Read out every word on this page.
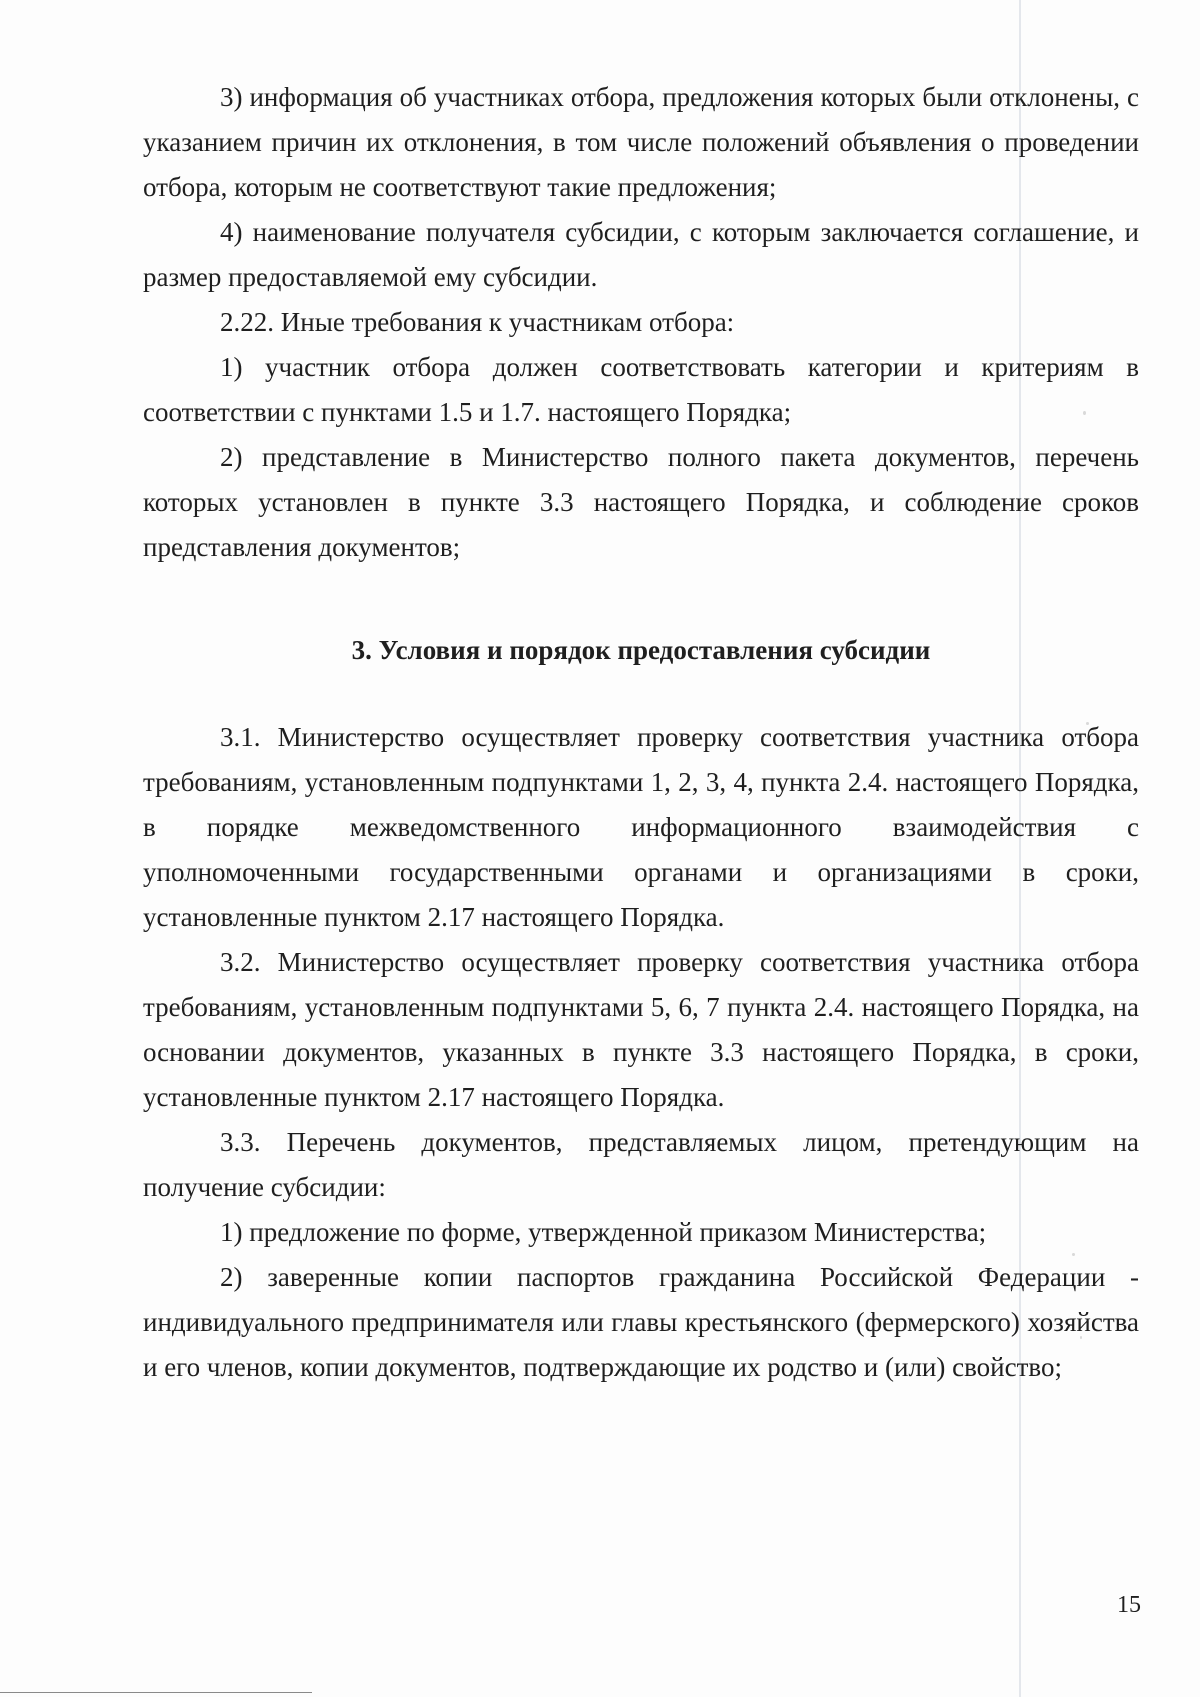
3) информация об участниках отбора, предложения которых были отклонены, с указанием причин их отклонения, в том числе положений объявления о проведении отбора, которым не соответствуют такие предложения;

4) наименование получателя субсидии, с которым заключается соглашение, и размер предоставляемой ему субсидии.

2.22. Иные требования к участникам отбора:

1) участник отбора должен соответствовать категории и критериям в соответствии с пунктами 1.5 и 1.7. настоящего Порядка;

2) представление в Министерство полного пакета документов, перечень которых установлен в пункте 3.3 настоящего Порядка, и соблюдение сроков представления документов;

3. Условия и порядок предоставления субсидии

3.1. Министерство осуществляет проверку соответствия участника отбора требованиям, установленным подпунктами 1, 2, 3, 4, пункта 2.4. настоящего Порядка, в порядке межведомственного информационного взаимодействия с уполномоченными государственными органами и организациями в сроки, установленные пунктом 2.17 настоящего Порядка.

3.2. Министерство осуществляет проверку соответствия участника отбора требованиям, установленным подпунктами 5, 6, 7 пункта 2.4. настоящего Порядка, на основании документов, указанных в пункте 3.3 настоящего Порядка, в сроки, установленные пунктом 2.17 настоящего Порядка.

3.3. Перечень документов, представляемых лицом, претендующим на получение субсидии:

1) предложение по форме, утвержденной приказом Министерства;

2) заверенные копии паспортов гражданина Российской Федерации - индивидуального предпринимателя или главы крестьянского (фермерского) хозяйства и его членов, копии документов, подтверждающие их родство и (или) свойство;

15
